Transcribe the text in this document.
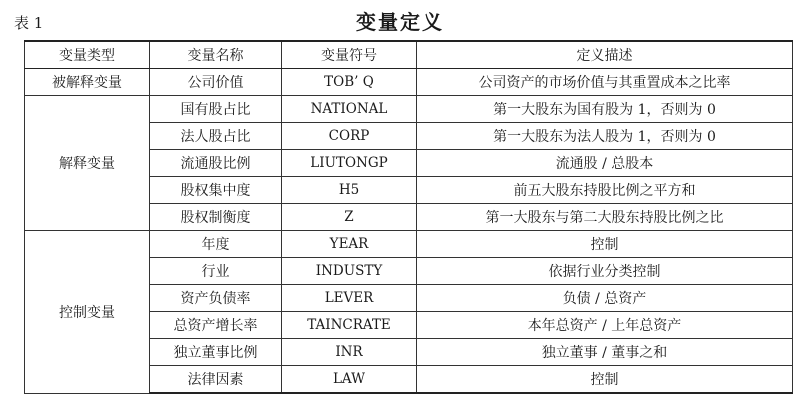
表 1	变量定义
变量类型	变量名称	变量符号	定义描述
被解释变量	公司价值	TOB’ Q	公司资产的市场价值与其重置成本之比率
解释变量	国有股占比	NATIONAL	第一大股东为国有股为 1，否则为 0
	法人股占比	CORP	第一大股东为法人股为 1，否则为 0
	流通股比例	LIUTONGP	流通股 / 总股本
	股权集中度	H5	前五大股东持股比例之平方和
	股权制衡度	Z	第一大股东与第二大股东持股比例之比
控制变量	年度	YEAR	控制
	行业	INDUSTY	依据行业分类控制
	资产负债率	LEVER	负债 / 总资产
	总资产增长率	TAINCRATE	本年总资产 / 上年总资产
	独立董事比例	INR	独立董事 / 董事之和
	法律因素	LAW	控制
